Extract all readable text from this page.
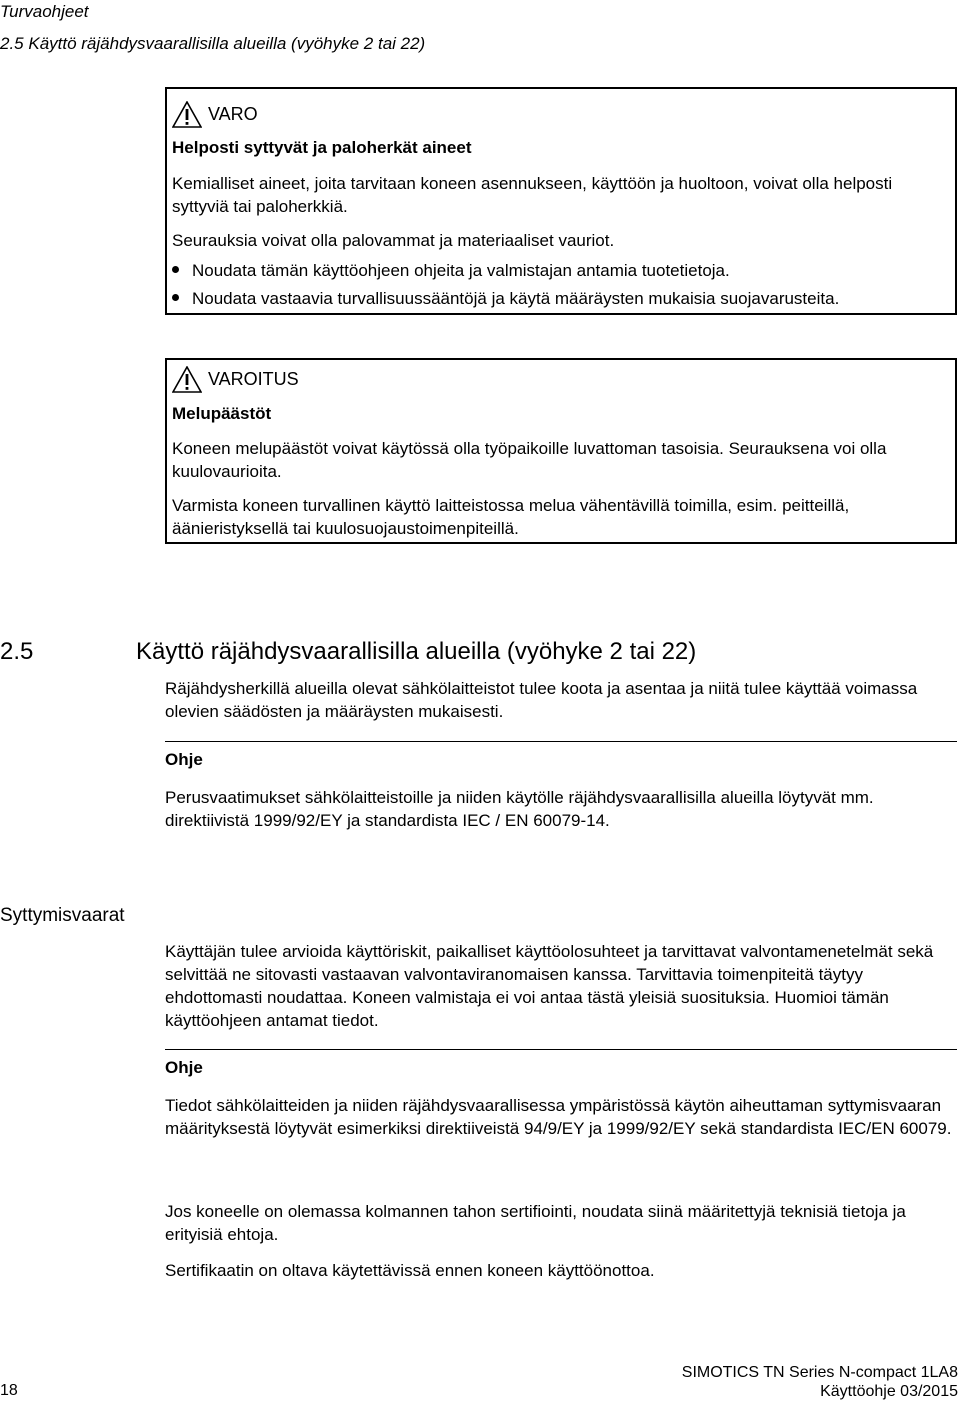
Turvaohjeet
2.5 Käyttö räjähdysvaarallisilla alueilla (vyöhyke 2 tai 22)
VARO
Helposti syttyvät ja paloherkät aineet
Kemialliset aineet, joita tarvitaan koneen asennukseen, käyttöön ja huoltoon, voivat olla helposti syttyviä tai paloherkkiä.
Seurauksia voivat olla palovammat ja materiaaliset vauriot.
Noudata tämän käyttöohjeen ohjeita ja valmistajan antamia tuotetietoja.
Noudata vastaavia turvallisuussääntöjä ja käytä määräysten mukaisia suojavarusteita.
VAROITUS
Melupäästöt
Koneen melupäästöt voivat käytössä olla työpaikoille luvattoman tasoisia. Seurauksena voi olla kuulovaurioita.
Varmista koneen turvallinen käyttö laitteistossa melua vähentävillä toimilla, esim. peitteillä, äänieristyksellä tai kuulosuojaustoimenpiteillä.
2.5	Käyttö räjähdysvaarallisilla alueilla (vyöhyke 2 tai 22)
Räjähdysherkillä alueilla olevat sähkölaitteistot tulee koota ja asentaa ja niitä tulee käyttää voimassa olevien säädösten ja määräysten mukaisesti.
Ohje
Perusvaatimukset sähkölaitteistoille ja niiden käytölle räjähdysvaarallisilla alueilla löytyvät mm. direktiivistä 1999/92/EY ja standardista IEC / EN 60079-14.
Syttymisvaarat
Käyttäjän tulee arvioida käyttöriskit, paikalliset käyttöolosuhteet ja tarvittavat valvontamenetelmät sekä selvittää ne sitovasti vastaavan valvontaviranomaisen kanssa. Tarvittavia toimenpiteitä täytyy ehdottomasti noudattaa. Koneen valmistaja ei voi antaa tästä yleisiä suosituksia. Huomioi tämän käyttöohjeen antamat tiedot.
Ohje
Tiedot sähkölaitteiden ja niiden räjähdysvaarallisessa ympäristössä käytön aiheuttaman syttymisvaaran määrityksestä löytyvät esimerkiksi direktiiveistä 94/9/EY ja 1999/92/EY sekä standardista IEC/EN 60079.
Jos koneelle on olemassa kolmannen tahon sertifiointi, noudata siinä määritettyjä teknisiä tietoja ja erityisiä ehtoja.
Sertifikaatin on oltava käytettävissä ennen koneen käyttöönottoa.
18
SIMOTICS TN Series N-compact 1LA8
Käyttöohje 03/2015
